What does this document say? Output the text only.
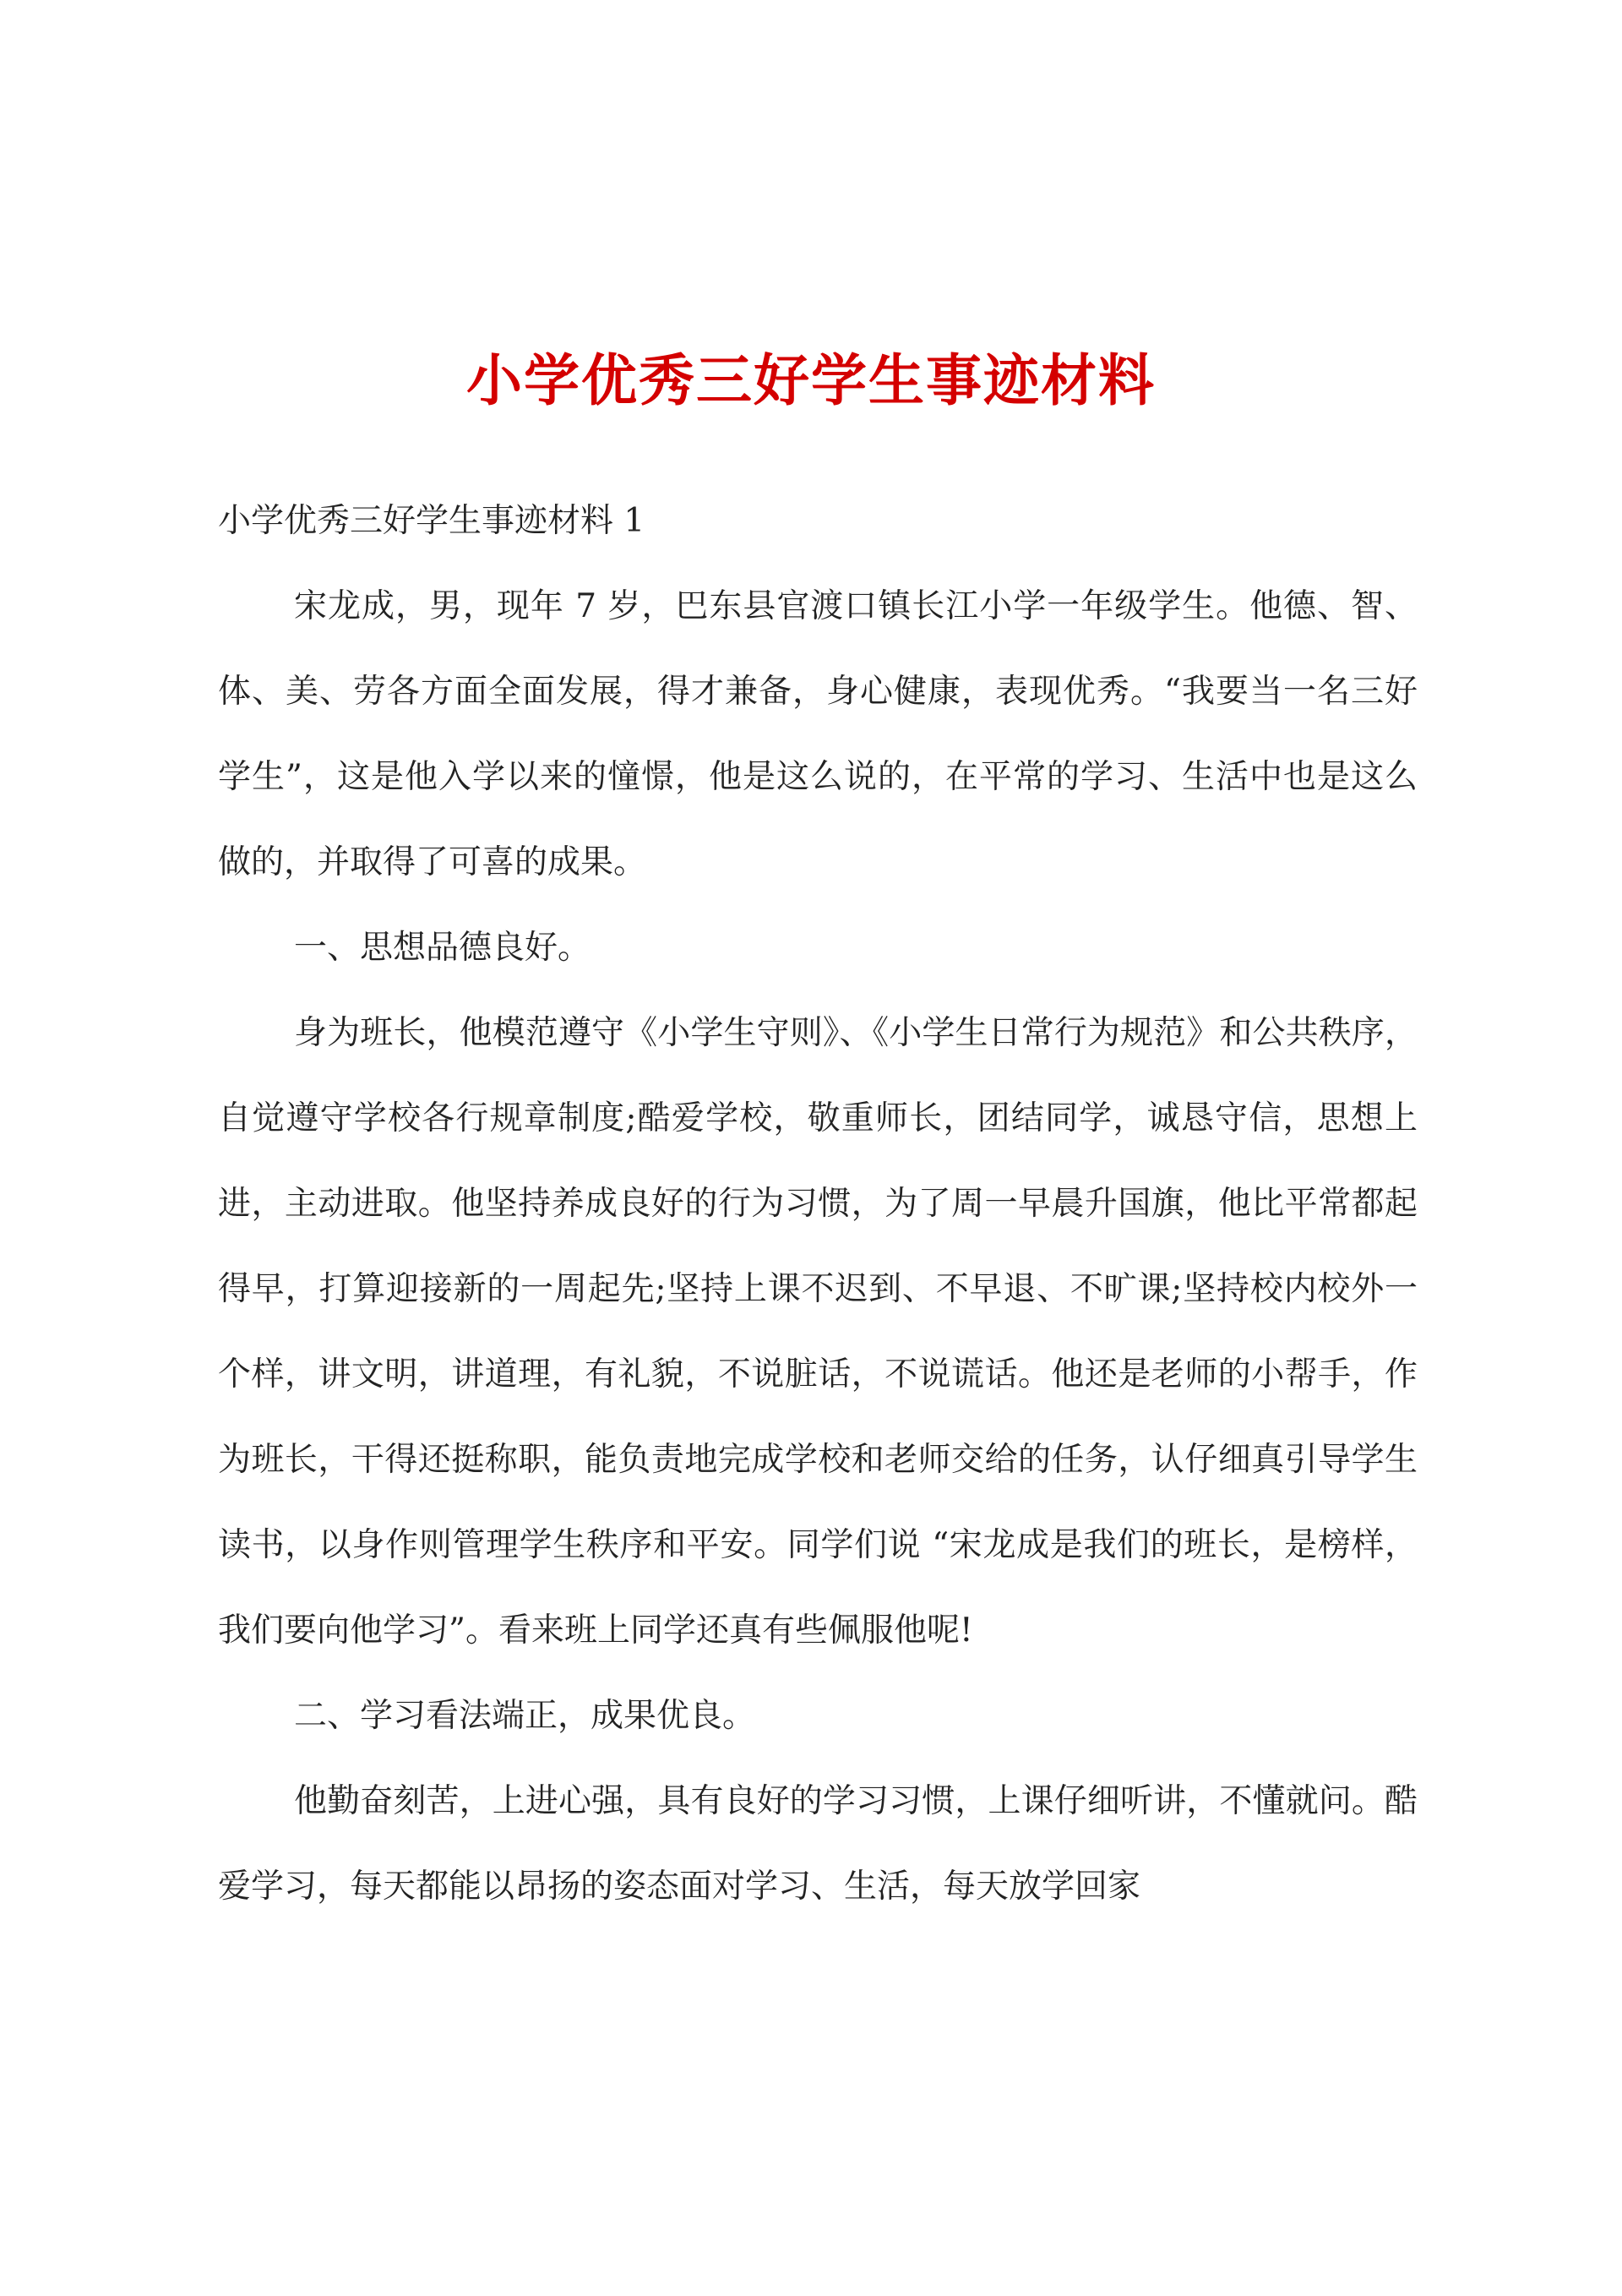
小学优秀三好学生事迹材料

小学优秀三好学生事迹材料 1

宋龙成，男，现年 7 岁，巴东县官渡口镇长江小学一年级学生。他德、智、体、美、劳各方面全面发展，得才兼备，身心健康，表现优秀。“我要当一名三好学生”，这是他入学以来的憧憬，他是这么说的，在平常的学习、生活中也是这么做的，并取得了可喜的成果。

一、思想品德良好。

身为班长，他模范遵守《小学生守则》、《小学生日常行为规范》和公共秩序，自觉遵守学校各行规章制度;酷爱学校，敬重师长，团结同学，诚恳守信，思想上进，主动进取。他坚持养成良好的行为习惯，为了周一早晨升国旗，他比平常都起得早，打算迎接新的一周起先;坚持上课不迟到、不早退、不旷课;坚持校内校外一个样，讲文明，讲道理，有礼貌，不说脏话，不说谎话。他还是老师的小帮手，作为班长，干得还挺称职，能负责地完成学校和老师交给的任务，认仔细真引导学生读书，以身作则管理学生秩序和平安。同学们说 “宋龙成是我们的班长，是榜样，我们要向他学习”。看来班上同学还真有些佩服他呢!

二、学习看法端正，成果优良。

他勤奋刻苦，上进心强，具有良好的学习习惯，上课仔细听讲，不懂就问。酷爱学习，每天都能以昂扬的姿态面对学习、生活，每天放学回家
